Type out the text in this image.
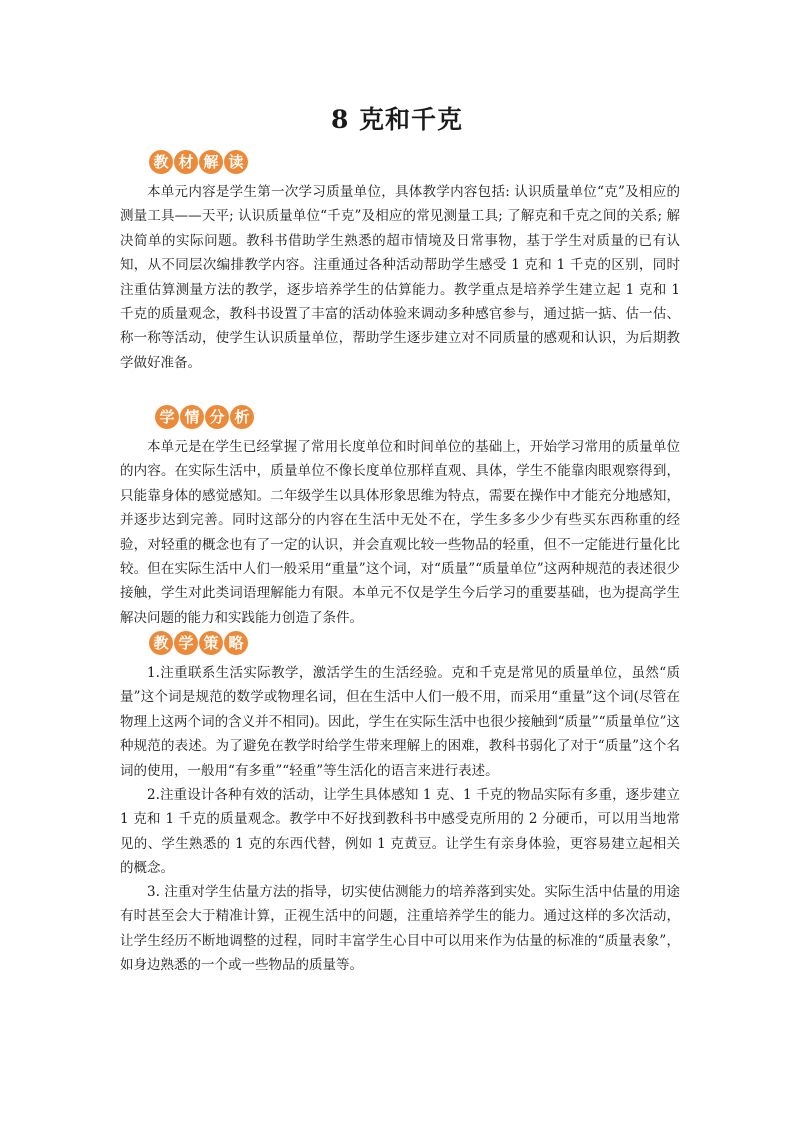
8 克和千克
教 材 解 读

本单元内容是学生第一次学习质量单位，具体教学内容包括: 认识质量单位“克”及相应的测量工具——天平; 认识质量单位“千克”及相应的常见测量工具; 了解克和千克之间的关系; 解决简单的实际问题。教科书借助学生熟悉的超市情境及日常事物，基于学生对质量的已有认知，从不同层次编排教学内容。注重通过各种活动帮助学生感受 1 克和 1 千克的区别，同时注重估算测量方法的教学，逐步培养学生的估算能力。教学重点是培养学生建立起 1 克和 1 千克的质量观念，教科书设置了丰富的活动体验来调动多种感官参与，通过掂一掂、估一估、称一称等活动，使学生认识质量单位，帮助学生逐步建立对不同质量的感观和认识，为后期教学做好准备。

学 情 分 析

本单元是在学生已经掌握了常用长度单位和时间单位的基础上，开始学习常用的质量单位的内容。在实际生活中，质量单位不像长度单位那样直观、具体，学生不能靠肉眼观察得到，只能靠身体的感觉感知。二年级学生以具体形象思维为特点，需要在操作中才能充分地感知，并逐步达到完善。同时这部分的内容在生活中无处不在，学生多多少少有些买东西称重的经验，对轻重的概念也有了一定的认识，并会直观比较一些物品的轻重，但不一定能进行量化比较。但在实际生活中人们一般采用“重量”这个词，对“质量”“质量单位”这两种规范的表述很少接触，学生对此类词语理解能力有限。本单元不仅是学生今后学习的重要基础，也为提高学生解决问题的能力和实践能力创造了条件。

教 学 策 略

1.注重联系生活实际教学，激活学生的生活经验。克和千克是常见的质量单位，虽然“质量”这个词是规范的数学或物理名词，但在生活中人们一般不用，而采用“重量”这个词(尽管在物理上这两个词的含义并不相同)。因此，学生在实际生活中也很少接触到“质量”“质量单位”这种规范的表述。为了避免在教学时给学生带来理解上的困难，教科书弱化了对于“质量”这个名词的使用，一般用“有多重”“轻重”等生活化的语言来进行表述。

2.注重设计各种有效的活动，让学生具体感知 1 克、1 千克的物品实际有多重，逐步建立 1 克和 1 千克的质量观念。教学中不好找到教科书中感受克所用的 2 分硬币，可以用当地常见的、学生熟悉的 1 克的东西代替，例如 1 克黄豆。让学生有亲身体验，更容易建立起相关的概念。

3. 注重对学生估量方法的指导，切实使估测能力的培养落到实处。实际生活中估量的用途有时甚至会大于精准计算，正视生活中的问题，注重培养学生的能力。通过这样的多次活动，让学生经历不断地调整的过程，同时丰富学生心目中可以用来作为估量的标准的“质量表象”，如身边熟悉的一个或一些物品的质量等。
